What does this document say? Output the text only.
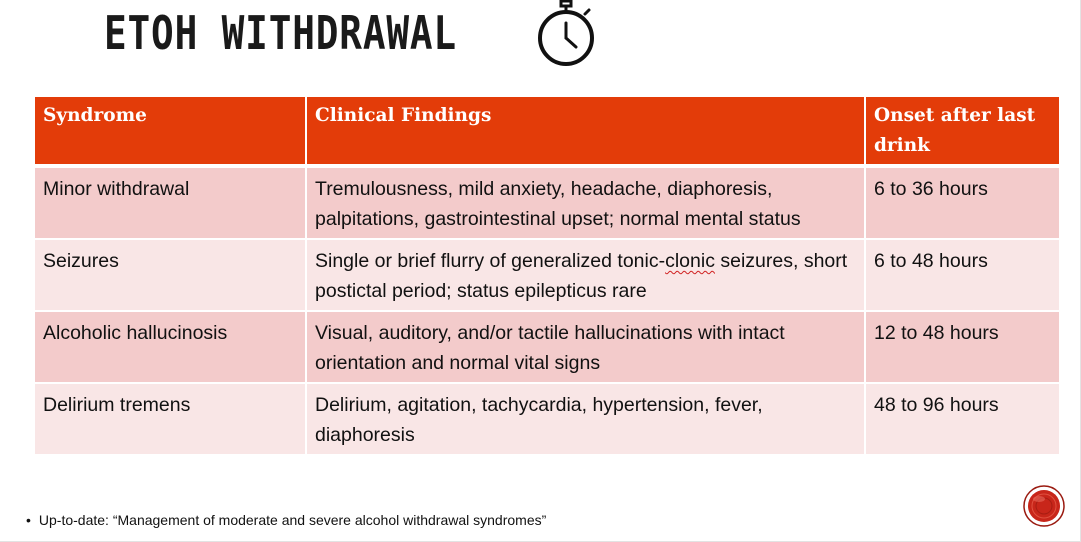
ETOH WITHDRAWAL
Syndrome	Clinical Findings	Onset after last drink
Minor withdrawal	Tremulousness, mild anxiety, headache, diaphoresis, palpitations, gastrointestinal upset; normal mental status	6 to 36 hours
Seizures	Single or brief flurry of generalized tonic-clonic seizures, short postictal period; status epilepticus rare	6 to 48 hours
Alcoholic hallucinosis	Visual, auditory, and/or tactile hallucinations with intact orientation and normal vital signs	12 to 48 hours
Delirium tremens	Delirium, agitation, tachycardia, hypertension, fever, diaphoresis	48 to 96 hours
• Up-to-date: “Management of moderate and severe alcohol withdrawal syndromes”
